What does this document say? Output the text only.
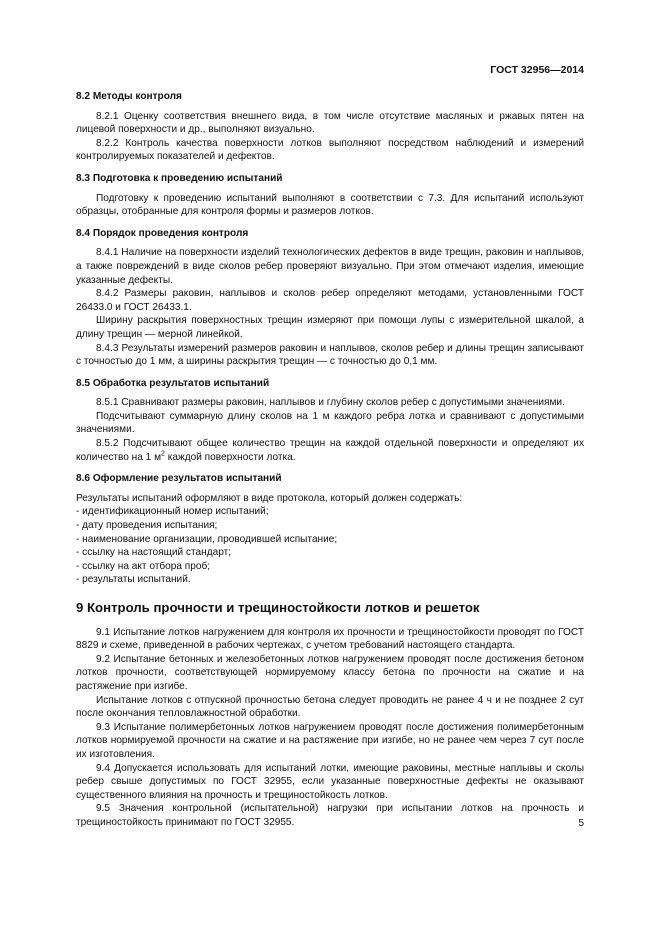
ГОСТ 32956—2014
8.2 Методы контроля

8.2.1 Оценку соответствия внешнего вида, в том числе отсутствие масляных и ржавых пятен на лицевой поверхности и др., выполняют визуально.

8.2.2 Контроль качества поверхности лотков выполняют посредством наблюдений и измерений контролируемых показателей и дефектов.

8.3 Подготовка к проведению испытаний

Подготовку к проведению испытаний выполняют в соответствии с 7.3. Для испытаний используют образцы, отобранные для контроля формы и размеров лотков.

8.4 Порядок проведения контроля

8.4.1 Наличие на поверхности изделий технологических дефектов в виде трещин, раковин и наплывов, а также повреждений в виде сколов ребер проверяют визуально. При этом отмечают изделия, имеющие указанные дефекты.

8.4.2 Размеры раковин, наплывов и сколов ребер определяют методами, установленными ГОСТ 26433.0 и ГОСТ 26433.1.

Ширину раскрытия поверхностных трещин измеряют при помощи лупы с измерительной шкалой, а длину трещин — мерной линейкой.

8.4.3 Результаты измерений размеров раковин и наплывов, сколов ребер и длины трещин записывают с точностью до 1 мм, а ширины раскрытия трещин — с точностью до 0,1 мм.

8.5 Обработка результатов испытаний

8.5.1 Сравнивают размеры раковин, наплывов и глубину сколов ребер с допустимыми значениями.

Подсчитывают суммарную длину сколов на 1 м каждого ребра лотка и сравнивают с допустимыми значениями.

8.5.2 Подсчитывают общее количество трещин на каждой отдельной поверхности и определяют их количество на 1 $м^2$ каждой поверхности лотка.

8.6 Оформление результатов испытаний

Результаты испытаний оформляют в виде протокола, который должен содержать:

- идентификационный номер испытаний;

- дату проведения испытания;

- наименование организации, проводившей испытание;

- ссылку на настоящий стандарт;

- ссылку на акт отбора проб;

- результаты испытаний.

9 Контроль прочности и трещиностойкости лотков и решеток

9.1 Испытание лотков нагружением для контроля их прочности и трещиностойкости проводят по ГОСТ 8829 и схеме, приведенной в рабочих чертежах, с учетом требований настоящего стандарта.

9.2 Испытание бетонных и железобетонных лотков нагружением проводят после достижения бетоном лотков прочности, соответствующей нормируемому классу бетона по прочности на сжатие и на растяжение при изгибе.

Испытание лотков с отпускной прочностью бетона следует проводить не ранее 4 ч и не позднее 2 сут после окончания тепловлажностной обработки.

9.3 Испытание полимербетонных лотков нагружением проводят после достижения полимербетонным лотков нормируемой прочности на сжатие и на растяжение при изгибе, но не ранее чем через 7 сут после их изготовления.

9.4 Допускается использовать для испытаний лотки, имеющие раковины, местные наплывы и сколы ребер свыше допустимых по ГОСТ 32955, если указанные поверхностные дефекты не оказывают существенного влияния на прочность и трещиностойкость лотков.

9.5 Значения контрольной (испытательной) нагрузки при испытании лотков на прочность и трещиностойкость принимают по ГОСТ 32955.	5
